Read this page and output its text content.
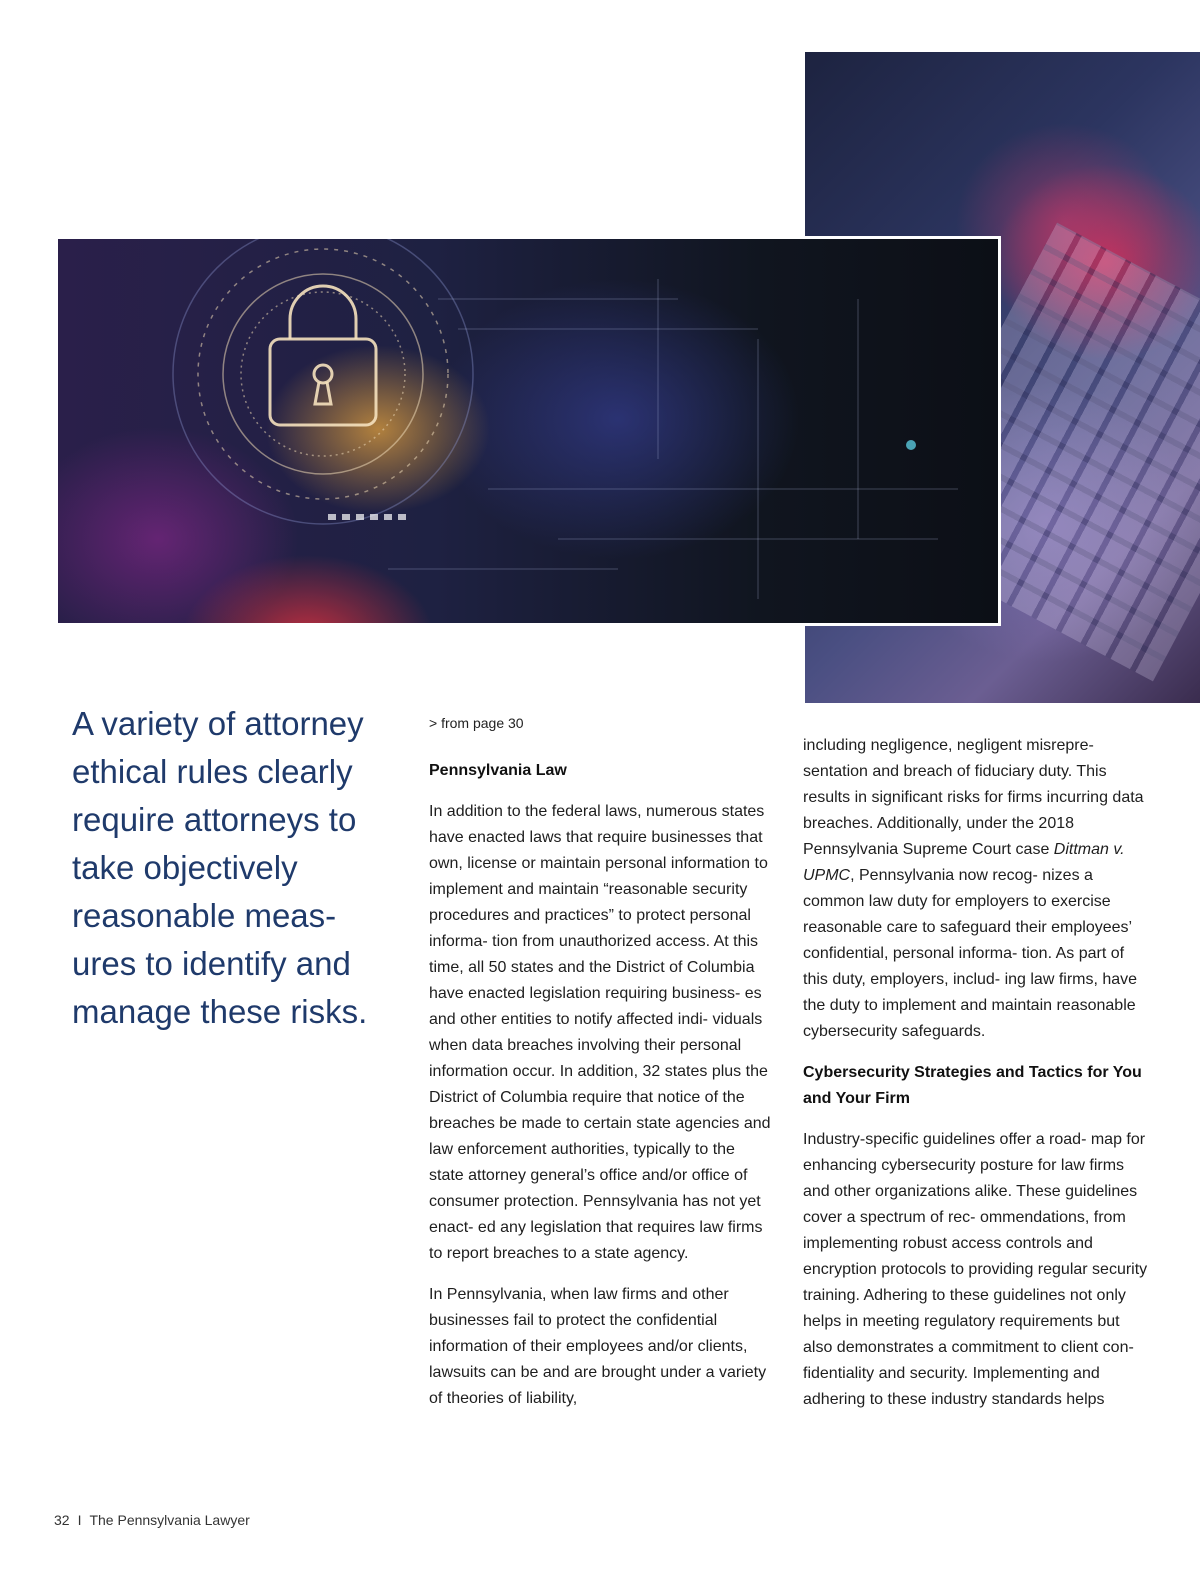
A variety of attorney ethical rules clearly require attorneys to take objectively reasonable meas- ures to identify and manage these risks.

> from page 30

Pennsylvania Law

In addition to the federal laws, numerous states have enacted laws that require businesses that own, license or maintain personal information to implement and maintain “reasonable security procedures and practices” to protect personal informa- tion from unauthorized access. At this time, all 50 states and the District of Columbia have enacted legislation requiring business- es and other entities to notify affected indi- viduals when data breaches involving their personal information occur. In addition, 32 states plus the District of Columbia require that notice of the breaches be made to certain state agencies and law enforcement authorities, typically to the state attorney general’s office and/or office of consumer protection. Pennsylvania has not yet enact- ed any legislation that requires law firms to report breaches to a state agency.

In Pennsylvania, when law firms and other businesses fail to protect the confidential information of their employees and/or clients, lawsuits can be and are brought under a variety of theories of liability,

including negligence, negligent misrepre- sentation and breach of fiduciary duty. This results in significant risks for firms incurring data breaches. Additionally, under the 2018 Pennsylvania Supreme Court case Dittman v. UPMC, Pennsylvania now recog- nizes a common law duty for employers to exercise reasonable care to safeguard their employees’ confidential, personal informa- tion. As part of this duty, employers, includ- ing law firms, have the duty to implement and maintain reasonable cybersecurity safeguards.

Cybersecurity Strategies and Tactics for You and Your Firm

Industry-specific guidelines offer a road- map for enhancing cybersecurity posture for law firms and other organizations alike. These guidelines cover a spectrum of rec- ommendations, from implementing robust access controls and encryption protocols to providing regular security training. Adhering to these guidelines not only helps in meeting regulatory requirements but also demonstrates a commitment to client con- fidentiality and security. Implementing and adhering to these industry standards helps

32 I The Pennsylvania Lawyer
